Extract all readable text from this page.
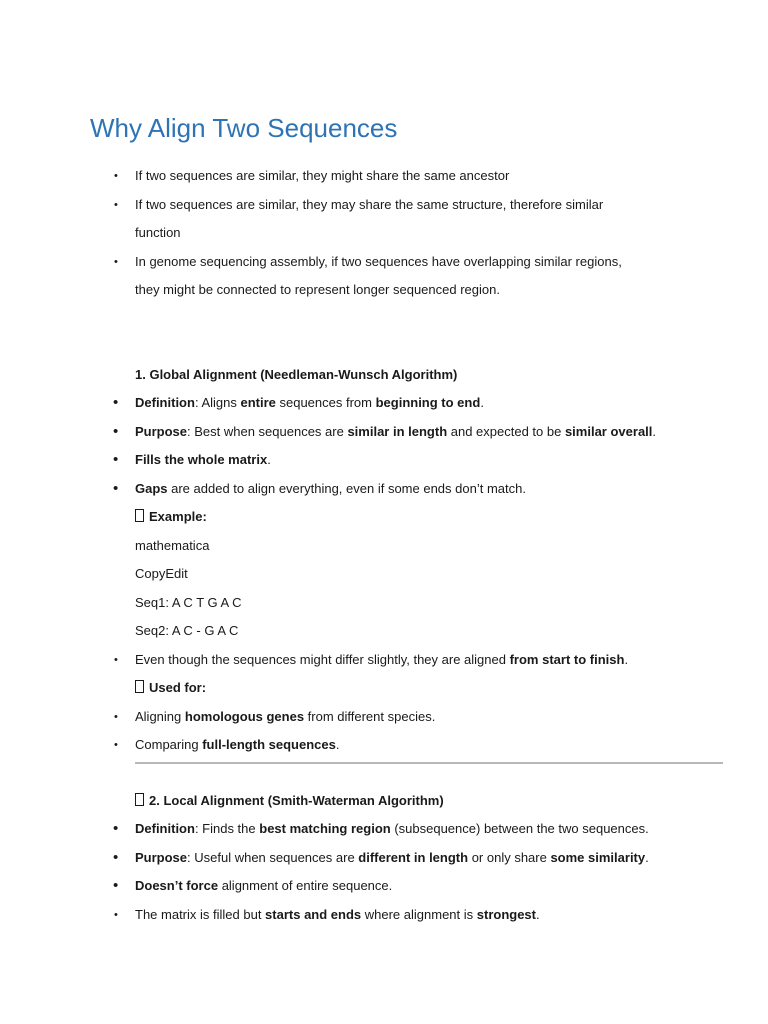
Why Align Two Sequences
• If two sequences are similar, they might share the same ancestor
• If two sequences are similar, they may share the same structure, therefore similar
function
• In genome sequencing assembly, if two sequences have overlapping similar regions,
they might be connected to represent longer sequenced region.
1. Global Alignment (Needleman-Wunsch Algorithm)
• Definition: Aligns entire sequences from beginning to end.
• Purpose: Best when sequences are similar in length and expected to be similar overall.
• Fills the whole matrix.
• Gaps are added to align everything, even if some ends don’t match.
Example:
mathematica
CopyEdit
Seq1: A C T G A C
Seq2: A C - G A C
• Even though the sequences might differ slightly, they are aligned from start to finish.
Used for:
• Aligning homologous genes from different species.
• Comparing full-length sequences.
2. Local Alignment (Smith-Waterman Algorithm)
• Definition: Finds the best matching region (subsequence) between the two sequences.
• Purpose: Useful when sequences are different in length or only share some similarity.
• Doesn’t force alignment of entire sequence.
• The matrix is filled but starts and ends where alignment is strongest.
